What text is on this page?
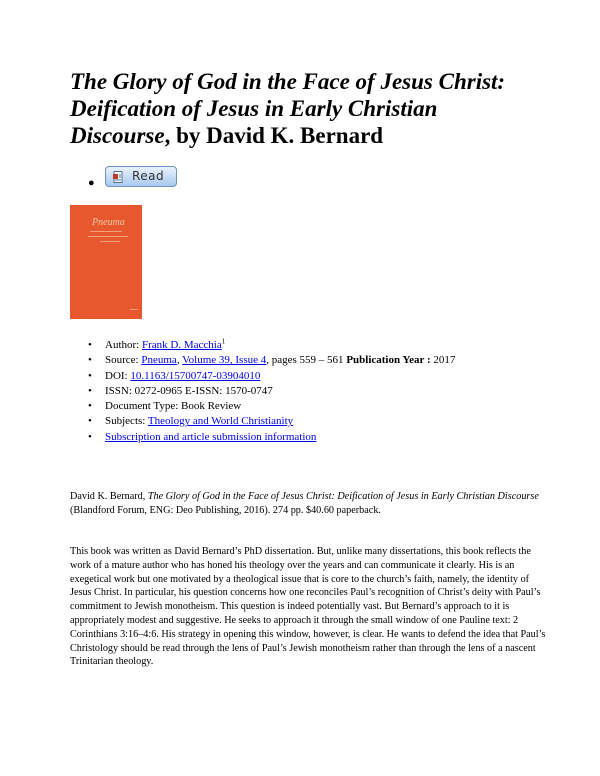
The Glory of God in the Face of Jesus Christ: Deification of Jesus in Early Christian Discourse, by David K. Bernard
●	Read
Pneuma
• Author: Frank D. Macchia$^1$
• Source: Pneuma, Volume 39, Issue 4, pages 559 – 561 Publication Year : 2017
• DOI: 10.1163/15700747-03904010
• ISSN: 0272-0965 E-ISSN: 1570-0747
• Document Type: Book Review
• Subjects: Theology and World Christianity
• Subscription and article submission information

David K. Bernard, The Glory of God in the Face of Jesus Christ: Deification of Jesus in Early Christian Discourse (Blandford Forum, ENG: Deo Publishing, 2016). 274 pp. $40.60 paperback.

This book was written as David Bernard’s PhD dissertation. But, unlike many dissertations, this book reflects the work of a mature author who has honed his theology over the years and can communicate it clearly. His is an exegetical work but one motivated by a theological issue that is core to the church’s faith, namely, the identity of Jesus Christ. In particular, his question concerns how one reconciles Paul’s recognition of Christ’s deity with Paul’s commitment to Jewish monotheism. This question is indeed potentially vast. But Bernard’s approach to it is appropriately modest and suggestive. He seeks to approach it through the small window of one Pauline text: 2 Corinthians 3:16–4:6. His strategy in opening this window, however, is clear. He wants to defend the idea that Paul’s Christology should be read through the lens of Paul’s Jewish monotheism rather than through the lens of a nascent Trinitarian theology.
